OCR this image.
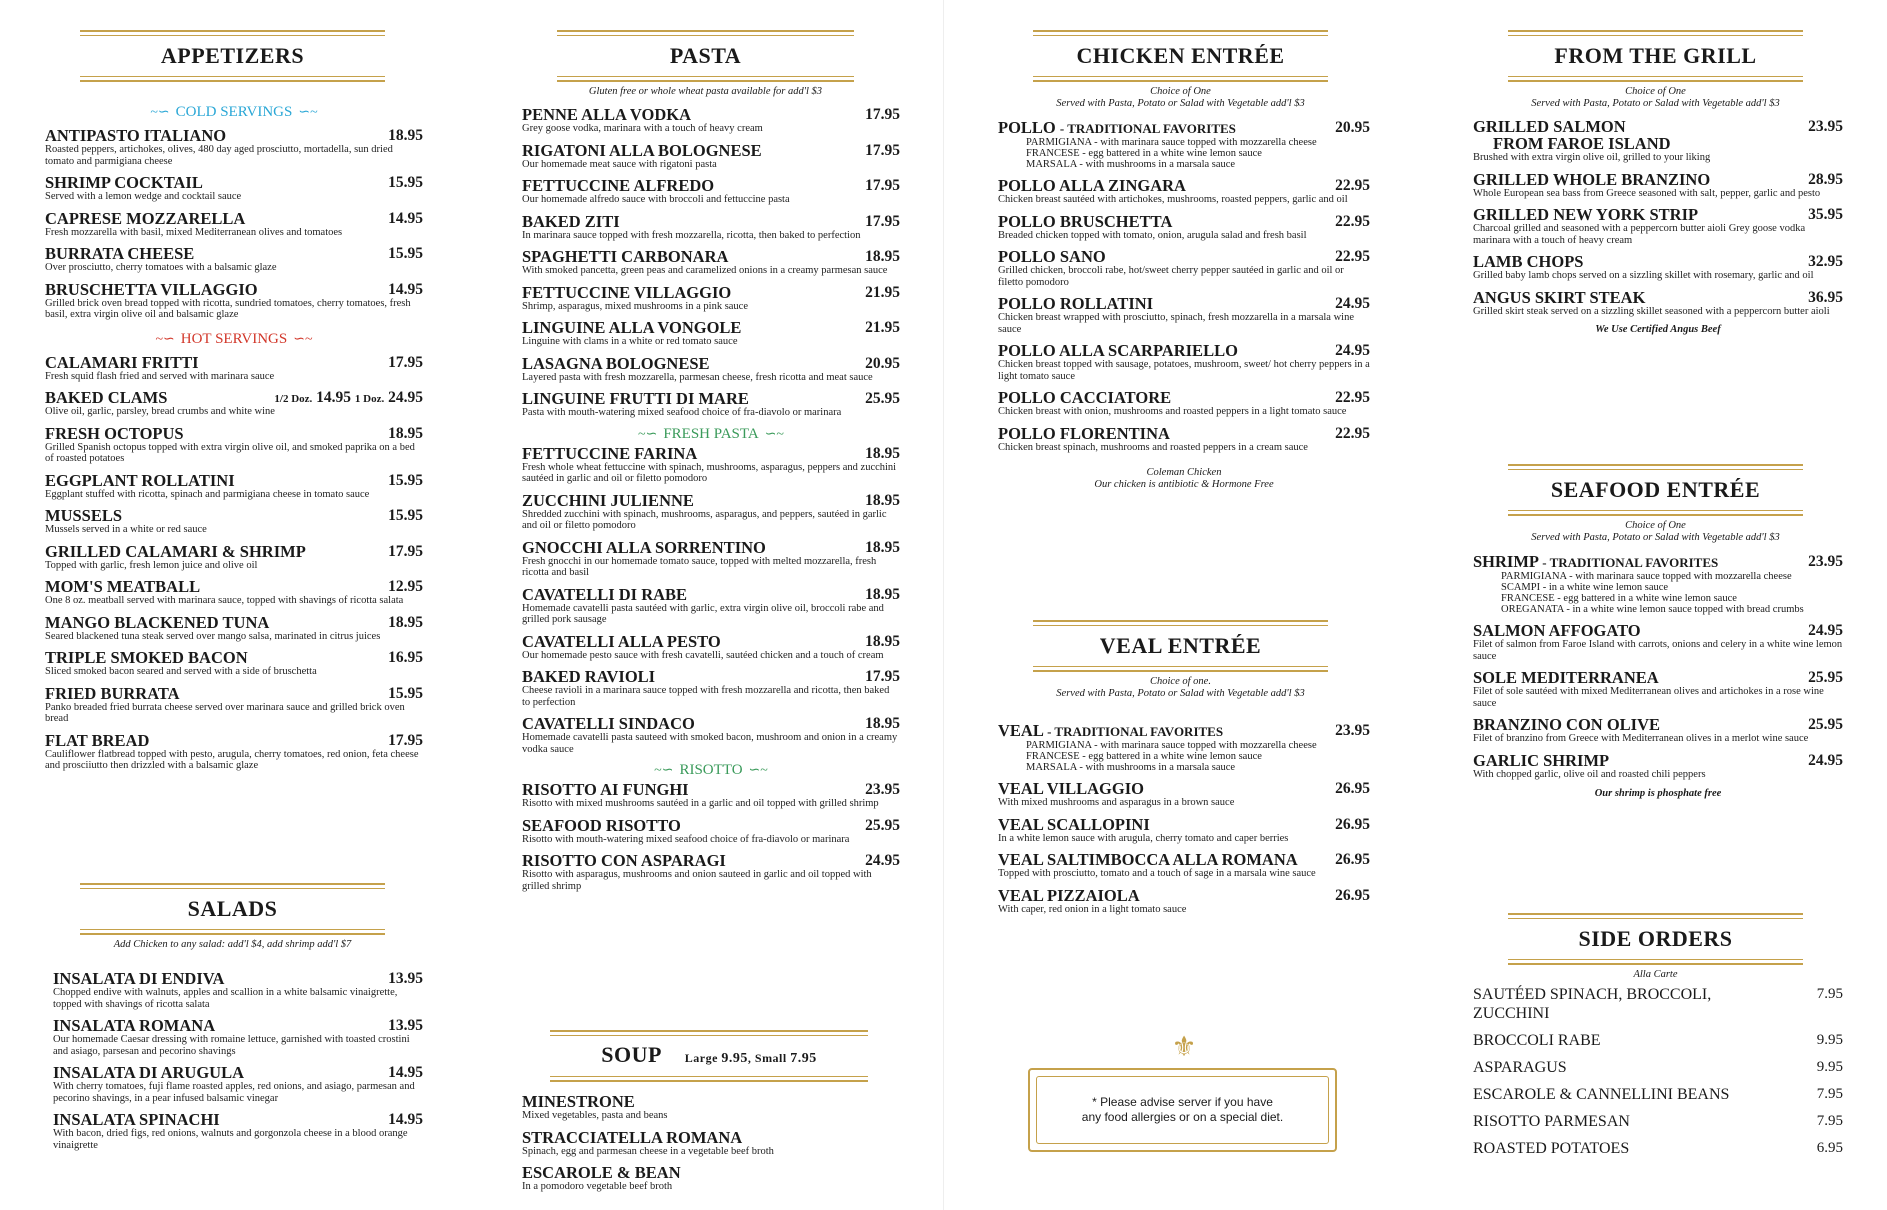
APPETIZERS
~∽ COLD SERVINGS ∽~
ANTIPASTO ITALIANO	18.95
Roasted peppers, artichokes, olives, 480 day aged prosciutto, mortadella, sun dried tomato and parmigiana cheese
SHRIMP COCKTAIL	15.95
Served with a lemon wedge and cocktail sauce
CAPRESE MOZZARELLA	14.95
Fresh mozzarella with basil, mixed Mediterranean olives and tomatoes
BURRATA CHEESE	15.95
Over prosciutto, cherry tomatoes with a balsamic glaze
BRUSCHETTA VILLAGGIO	14.95
Grilled brick oven bread topped with ricotta, sundried tomatoes, cherry tomatoes, fresh basil, extra virgin olive oil and balsamic glaze
~∽ HOT SERVINGS ∽~
CALAMARI FRITTI	17.95
Fresh squid flash fried and served with marinara sauce
BAKED CLAMS	1/2 Doz. 14.95 1 Doz. 24.95
Olive oil, garlic, parsley, bread crumbs and white wine
FRESH OCTOPUS	18.95
Grilled Spanish octopus topped with extra virgin olive oil, and smoked paprika on a bed of roasted potatoes
EGGPLANT ROLLATINI	15.95
Eggplant stuffed with ricotta, spinach and parmigiana cheese in tomato sauce
MUSSELS	15.95
Mussels served in a white or red sauce
GRILLED CALAMARI & SHRIMP	17.95
Topped with garlic, fresh lemon juice and olive oil
MOM'S MEATBALL	12.95
One 8 oz. meatball served with marinara sauce, topped with shavings of ricotta salata
MANGO BLACKENED TUNA	18.95
Seared blackened tuna steak served over mango salsa, marinated in citrus juices
TRIPLE SMOKED BACON	16.95
Sliced smoked bacon seared and served with a side of bruschetta
FRIED BURRATA	15.95
Panko breaded fried burrata cheese served over marinara sauce and grilled brick oven bread
FLAT BREAD	17.95
Cauliflower flatbread topped with pesto, arugula, cherry tomatoes, red onion, feta cheese and prosciiutto then drizzled with a balsamic glaze
SALADS
Add Chicken to any salad: add'l $4, add shrimp add'l $7
INSALATA DI ENDIVA	13.95
Chopped endive with walnuts, apples and scallion in a white balsamic vinaigrette, topped with shavings of ricotta salata
INSALATA ROMANA	13.95
Our homemade Caesar dressing with romaine lettuce, garnished with toasted crostini and asiago, parsesan and pecorino shavings
INSALATA DI ARUGULA	14.95
With cherry tomatoes, fuji flame roasted apples, red onions, and asiago, parmesan and pecorino shavings, in a pear infused balsamic vinegar
INSALATA SPINACHI	14.95
With bacon, dried figs, red onions, walnuts and gorgonzola cheese in a blood orange vinaigrette
PASTA
Gluten free or whole wheat pasta available for add'l $3
PENNE ALLA VODKA	17.95
Grey goose vodka, marinara with a touch of heavy cream
RIGATONI ALLA BOLOGNESE	17.95
Our homemade meat sauce with rigatoni pasta
FETTUCCINE ALFREDO	17.95
Our homemade alfredo sauce with broccoli and fettuccine pasta
BAKED ZITI	17.95
In marinara sauce topped with fresh mozzarella, ricotta, then baked to perfection
SPAGHETTI CARBONARA	18.95
With smoked pancetta, green peas and caramelized onions in a creamy parmesan sauce
FETTUCCINE VILLAGGIO	21.95
Shrimp, asparagus, mixed mushrooms in a pink sauce
LINGUINE ALLA VONGOLE	21.95
Linguine with clams in a white or red tomato sauce
LASAGNA BOLOGNESE	20.95
Layered pasta with fresh mozzarella, parmesan cheese, fresh ricotta and meat sauce
LINGUINE FRUTTI DI MARE	25.95
Pasta with mouth-watering mixed seafood choice of fra-diavolo or marinara
~∽ FRESH PASTA ∽~
FETTUCCINE FARINA	18.95
Fresh whole wheat fettuccine with spinach, mushrooms, asparagus, peppers and zucchini sautéed in garlic and oil or filetto pomodoro
ZUCCHINI JULIENNE	18.95
Shredded zucchini with spinach, mushrooms, asparagus, and peppers, sautéed in garlic and oil or filetto pomodoro
GNOCCHI ALLA SORRENTINO	18.95
Fresh gnocchi in our homemade tomato sauce, topped with melted mozzarella, fresh ricotta and basil
CAVATELLI DI RABE	18.95
Homemade cavatelli pasta sautéed with garlic, extra virgin olive oil, broccoli rabe and grilled pork sausage
CAVATELLI ALLA PESTO	18.95
Our homemade pesto sauce with fresh cavatelli, sautéed chicken and a touch of cream
BAKED RAVIOLI	17.95
Cheese ravioli in a marinara sauce topped with fresh mozzarella and ricotta, then baked to perfection
CAVATELLI SINDACO	18.95
Homemade cavatelli pasta sauteed with smoked bacon, mushroom and onion in a creamy vodka sauce
~∽ RISOTTO ∽~
RISOTTO AI FUNGHI	23.95
Risotto with mixed mushrooms sautéed in a garlic and oil topped with grilled shrimp
SEAFOOD RISOTTO	25.95
Risotto with mouth-watering mixed seafood choice of fra-diavolo or marinara
RISOTTO CON ASPARAGI	24.95
Risotto with asparagus, mushrooms and onion sauteed in garlic and oil topped with grilled shrimp
SOUP Large 9.95, Small 7.95
MINESTRONE
Mixed vegetables, pasta and beans
STRACCIATELLA ROMANA
Spinach, egg and parmesan cheese in a vegetable beef broth
ESCAROLE & BEAN
In a pomodoro vegetable beef broth
CHICKEN ENTRÉE
Choice of One
Served with Pasta, Potato or Salad with Vegetable add'l $3
POLLO - TRADITIONAL FAVORITES	20.95
PARMIGIANA - with marinara sauce topped with mozzarella cheese
FRANCESE - egg battered in a white wine lemon sauce
MARSALA - with mushrooms in a marsala sauce
POLLO ALLA ZINGARA	22.95
Chicken breast sautéed with artichokes, mushrooms, roasted peppers, garlic and oil
POLLO BRUSCHETTA	22.95
Breaded chicken topped with tomato, onion, arugula salad and fresh basil
POLLO SANO	22.95
Grilled chicken, broccoli rabe, hot/sweet cherry pepper sautéed in garlic and oil or filetto pomodoro
POLLO ROLLATINI	24.95
Chicken breast wrapped with prosciutto, spinach, fresh mozzarella in a marsala wine sauce
POLLO ALLA SCARPARIELLO	24.95
Chicken breast topped with sausage, potatoes, mushroom, sweet/ hot cherry peppers in a light tomato sauce
POLLO CACCIATORE	22.95
Chicken breast with onion, mushrooms and roasted peppers in a light tomato sauce
POLLO FLORENTINA	22.95
Chicken breast spinach, mushrooms and roasted peppers in a cream sauce
Coleman Chicken
Our chicken is antibiotic & Hormone Free
VEAL ENTRÉE
Choice of one.
Served with Pasta, Potato or Salad with Vegetable add'l $3
VEAL - TRADITIONAL FAVORITES	23.95
PARMIGIANA - with marinara sauce topped with mozzarella cheese
FRANCESE - egg battered in a white wine lemon sauce
MARSALA - with mushrooms in a marsala sauce
VEAL VILLAGGIO	26.95
With mixed mushrooms and asparagus in a brown sauce
VEAL SCALLOPINI	26.95
In a white lemon sauce with arugula, cherry tomato and caper berries
VEAL SALTIMBOCCA ALLA ROMANA	26.95
Topped with prosciutto, tomato and a touch of sage in a marsala wine sauce
VEAL PIZZAIOLA	26.95
With caper, red onion in a light tomato sauce
⚜
* Please advise server if you have
any food allergies or on a special diet.
FROM THE GRILL
Choice of One
Served with Pasta, Potato or Salad with Vegetable add'l $3
GRILLED SALMON
FROM FAROE ISLAND
23.95
Brushed with extra virgin olive oil, grilled to your liking
GRILLED WHOLE BRANZINO	28.95
Whole European sea bass from Greece seasoned with salt, pepper, garlic and pesto
GRILLED NEW YORK STRIP	35.95
Charcoal grilled and seasoned with a peppercorn butter aioli Grey goose vodka marinara with a touch of heavy cream
LAMB CHOPS	32.95
Grilled baby lamb chops served on a sizzling skillet with rosemary, garlic and oil
ANGUS SKIRT STEAK	36.95
Grilled skirt steak served on a sizzling skillet seasoned with a peppercorn butter aioli
We Use Certified Angus Beef
SEAFOOD ENTRÉE
Choice of One
Served with Pasta, Potato or Salad with Vegetable add'l $3
SHRIMP - TRADITIONAL FAVORITES	23.95
PARMIGIANA - with marinara sauce topped with mozzarella cheese
SCAMPI - in a white wine lemon sauce
FRANCESE - egg battered in a white wine lemon sauce
OREGANATA - in a white wine lemon sauce topped with bread crumbs
SALMON AFFOGATO	24.95
Filet of salmon from Faroe Island with carrots, onions and celery in a white wine lemon sauce
SOLE MEDITERRANEA	25.95
Filet of sole sautéed with mixed Mediterranean olives and artichokes in a rose wine sauce
BRANZINO CON OLIVE	25.95
Filet of branzino from Greece with Mediterranean olives in a merlot wine sauce
GARLIC SHRIMP	24.95
With chopped garlic, olive oil and roasted chili peppers
Our shrimp is phosphate free
SIDE ORDERS
Alla Carte
SAUTÉED SPINACH, BROCCOLI, ZUCCHINI
7.95
BROCCOLI RABE	9.95
ASPARAGUS	9.95
ESCAROLE & CANNELLINI BEANS	7.95
RISOTTO PARMESAN	7.95
ROASTED POTATOES	6.95
